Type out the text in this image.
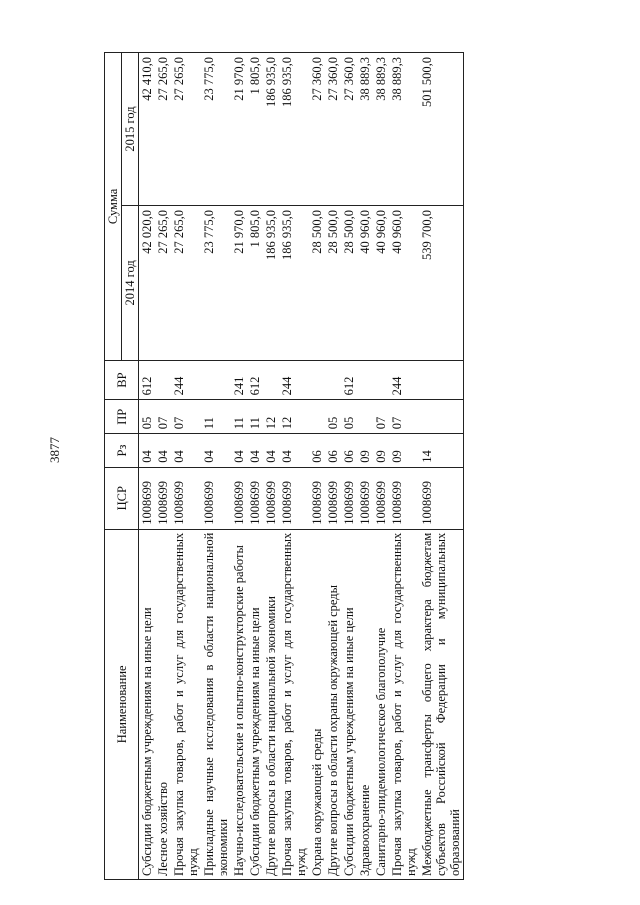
3877
Наименование	ЦСР	Рз	ПР	ВР	Сумма	
					2014 год	2015 год
Субсидии бюджетным учреждениям на иные цели	1008699	04	05	612	42 020,0	42 410,0
Лесное хозяйство	1008699	04	07		27 265,0	27 265,0
Прочая закупка товаров, работ и услуг для государственных нужд	1008699	04	07	244	27 265,0	27 265,0
Прикладные научные исследования в области национальной экономики	1008699	04	11		23 775,0	23 775,0
Научно-исследовательские и опытно-конструкторские работы	1008699	04	11	241	21 970,0	21 970,0
Субсидии бюджетным учреждениям на иные цели	1008699	04	11	612	1 805,0	1 805,0
Другие вопросы в области национальной экономики	1008699	04	12		186 935,0	186 935,0
Прочая закупка товаров, работ и услуг для государственных нужд	1008699	04	12	244	186 935,0	186 935,0
Охрана окружающей среды	1008699	06			28 500,0	27 360,0
Другие вопросы в области охраны окружающей среды	1008699	06	05		28 500,0	27 360,0
Субсидии бюджетным учреждениям на иные цели	1008699	06	05	612	28 500,0	27 360,0
Здравоохранение	1008699	09			40 960,0	38 889,3
Санитарно-эпидемиологическое благополучие	1008699	09	07		40 960,0	38 889,3
Прочая закупка товаров, работ и услуг для государственных нужд	1008699	09	07	244	40 960,0	38 889,3
Межбюджетные трансферты общего характера бюджетам субъектов Российской Федерации и муниципальных образований	1008699	14			539 700,0	501 500,0
